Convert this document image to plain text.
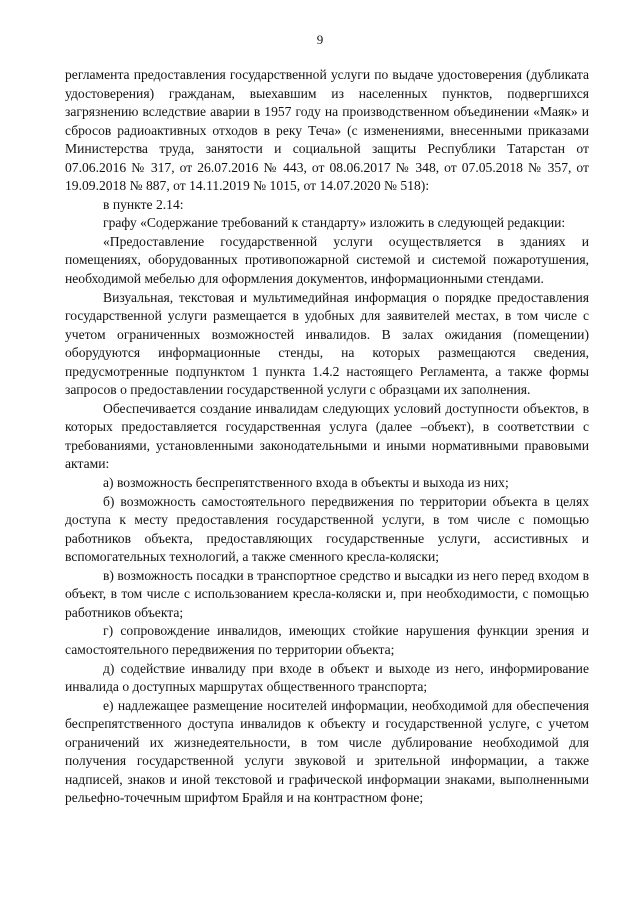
9

регламента предоставления государственной услуги по выдаче удостоверения (дубликата удостоверения) гражданам, выехавшим из населенных пунктов, подвергшихся загрязнению вследствие аварии в 1957 году на производственном объединении «Маяк» и сбросов радиоактивных отходов в реку Теча» (с изменениями, внесенными приказами Министерства труда, занятости и социальной защиты Республики Татарстан от 07.06.2016 № 317, от 26.07.2016 № 443, от 08.06.2017 № 348, от 07.05.2018 № 357, от 19.09.2018 № 887, от 14.11.2019 № 1015, от 14.07.2020 № 518):

в пункте 2.14:

графу «Содержание требований к стандарту» изложить в следующей редакции:

«Предоставление государственной услуги осуществляется в зданиях и помещениях, оборудованных противопожарной системой и системой пожаротушения, необходимой мебелью для оформления документов, информационными стендами.

Визуальная, текстовая и мультимедийная информация о порядке предоставления государственной услуги размещается в удобных для заявителей местах, в том числе с учетом ограниченных возможностей инвалидов. В залах ожидания (помещении) оборудуются информационные стенды, на которых размещаются сведения, предусмотренные подпунктом 1 пункта 1.4.2 настоящего Регламента, а также формы запросов о предоставлении государственной услуги с образцами их заполнения.

Обеспечивается создание инвалидам следующих условий доступности объектов, в которых предоставляется государственная услуга (далее –объект), в соответствии с требованиями, установленными законодательными и иными нормативными правовыми актами:

а) возможность беспрепятственного входа в объекты и выхода из них;

б) возможность самостоятельного передвижения по территории объекта в целях доступа к месту предоставления государственной услуги, в том числе с помощью работников объекта, предоставляющих государственные услуги, ассистивных и вспомогательных технологий, а также сменного кресла-коляски;

в) возможность посадки в транспортное средство и высадки из него перед входом в объект, в том числе с использованием кресла-коляски и, при необходимости, с помощью работников объекта;

г) сопровождение инвалидов, имеющих стойкие нарушения функции зрения и самостоятельного передвижения по территории объекта;

д) содействие инвалиду при входе в объект и выходе из него, информирование инвалида о доступных маршрутах общественного транспорта;

е) надлежащее размещение носителей информации, необходимой для обеспечения беспрепятственного доступа инвалидов к объекту и государственной услуге, с учетом ограничений их жизнедеятельности, в том числе дублирование необходимой для получения государственной услуги звуковой и зрительной информации, а также надписей, знаков и иной текстовой и графической информации знаками, выполненными рельефно-точечным шрифтом Брайля и на контрастном фоне;
